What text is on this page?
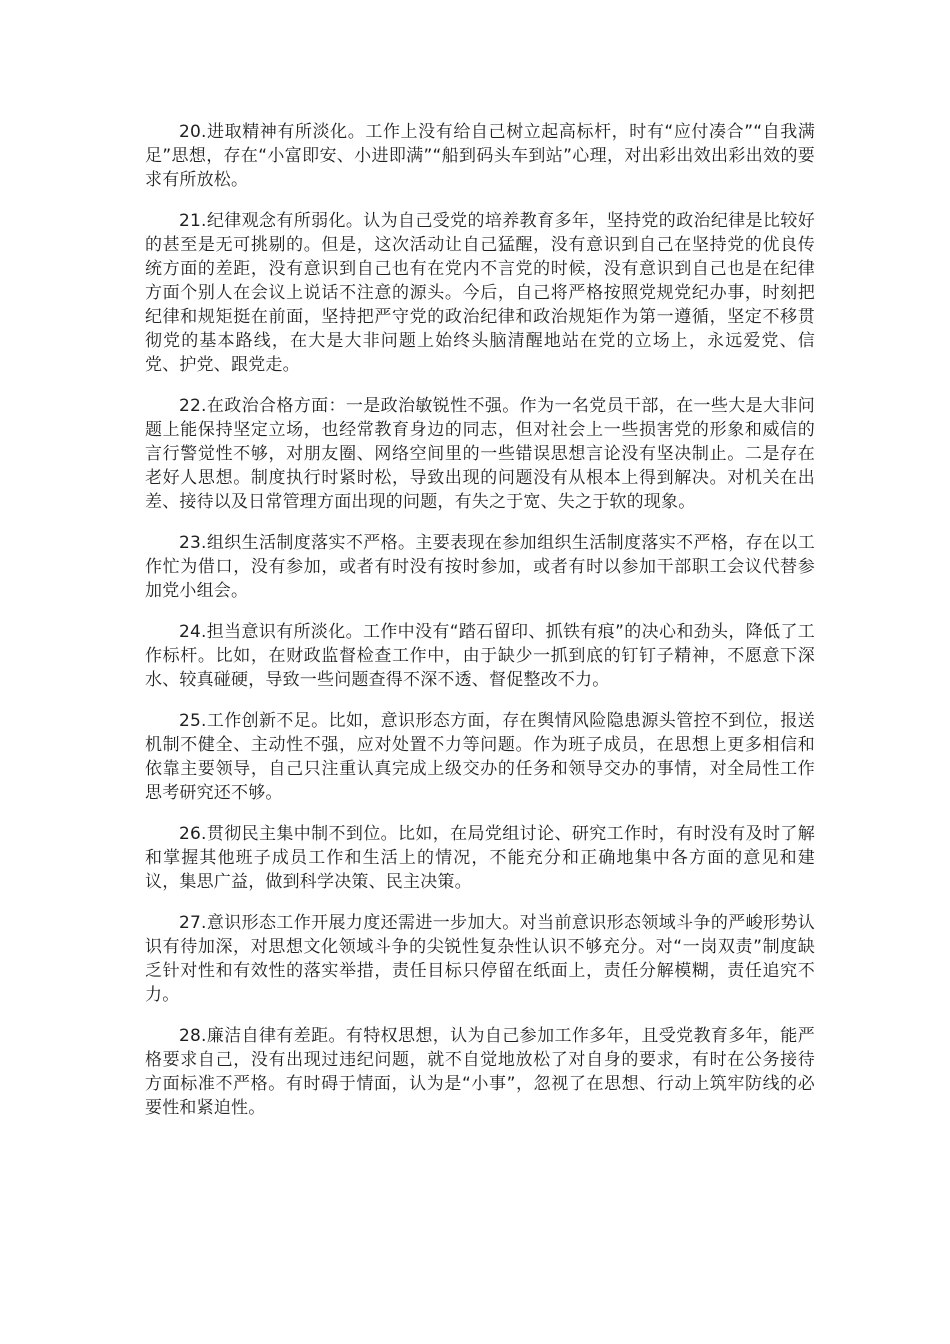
20.进取精神有所淡化。工作上没有给自己树立起高标杆，时有“应付凑合”“自我满足”思想，存在“小富即安、小进即满”“船到码头车到站”心理，对出彩出效出彩出效的要求有所放松。

21.纪律观念有所弱化。认为自己受党的培养教育多年，坚持党的政治纪律是比较好的甚至是无可挑剔的。但是，这次活动让自己猛醒，没有意识到自己在坚持党的优良传统方面的差距，没有意识到自己也有在党内不言党的时候，没有意识到自己也是在纪律方面个别人在会议上说话不注意的源头。今后，自己将严格按照党规党纪办事，时刻把纪律和规矩挺在前面，坚持把严守党的政治纪律和政治规矩作为第一遵循，坚定不移贯彻党的基本路线，在大是大非问题上始终头脑清醒地站在党的立场上，永远爱党、信党、护党、跟党走。

22.在政治合格方面：一是政治敏锐性不强。作为一名党员干部，在一些大是大非问题上能保持坚定立场，也经常教育身边的同志，但对社会上一些损害党的形象和威信的言行警觉性不够，对朋友圈、网络空间里的一些错误思想言论没有坚决制止。二是存在老好人思想。制度执行时紧时松，导致出现的问题没有从根本上得到解决。对机关在出差、接待以及日常管理方面出现的问题，有失之于宽、失之于软的现象。

23.组织生活制度落实不严格。主要表现在参加组织生活制度落实不严格，存在以工作忙为借口，没有参加，或者有时没有按时参加，或者有时以参加干部职工会议代替参加党小组会。

24.担当意识有所淡化。工作中没有“踏石留印、抓铁有痕”的决心和劲头，降低了工作标杆。比如，在财政监督检查工作中，由于缺少一抓到底的钉钉子精神，不愿意下深水、较真碰硬，导致一些问题查得不深不透、督促整改不力。

25.工作创新不足。比如，意识形态方面，存在舆情风险隐患源头管控不到位，报送机制不健全、主动性不强，应对处置不力等问题。作为班子成员，在思想上更多相信和依靠主要领导，自己只注重认真完成上级交办的任务和领导交办的事情，对全局性工作思考研究还不够。

26.贯彻民主集中制不到位。比如，在局党组讨论、研究工作时，有时没有及时了解和掌握其他班子成员工作和生活上的情况，不能充分和正确地集中各方面的意见和建议，集思广益，做到科学决策、民主决策。

27.意识形态工作开展力度还需进一步加大。对当前意识形态领域斗争的严峻形势认识有待加深，对思想文化领域斗争的尖锐性复杂性认识不够充分。对“一岗双责”制度缺乏针对性和有效性的落实举措，责任目标只停留在纸面上，责任分解模糊，责任追究不力。

28.廉洁自律有差距。有特权思想，认为自己参加工作多年，且受党教育多年，能严格要求自己，没有出现过违纪问题，就不自觉地放松了对自身的要求，有时在公务接待方面标准不严格。有时碍于情面，认为是“小事”，忽视了在思想、行动上筑牢防线的必要性和紧迫性。
